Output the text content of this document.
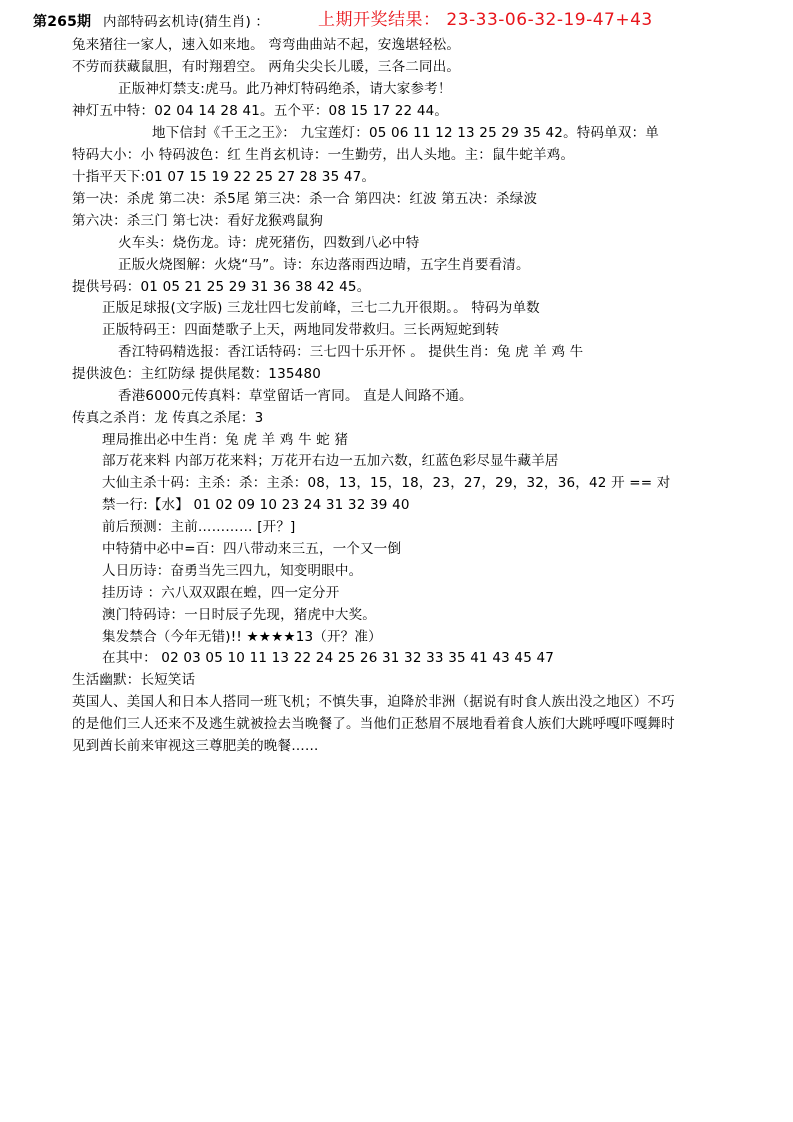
第265期 内部特码玄机诗(猜生肖) ：	上期开奖结果： 23-33-06-32-19-47+43
兔来猪往一家人，速入如来地。 弯弯曲曲站不起，安逸堪轻松。
不劳而获藏鼠胆，有时翔碧空。 两角尖尖长儿暖，三各二同出。
正版神灯禁支:虎马。此乃神灯特码绝杀，请大家参考！
神灯五中特：02 04 14 28 41。五个平：08 15 17 22 44。
地下信封《千王之王》： 九宝莲灯：05 06 11 12 13 25 29 35 42。特码单双：单
特码大小：小 特码波色：红 生肖玄机诗：一生勤劳，出人头地。主：鼠牛蛇羊鸡。
十指平天下:01 07 15 19 22 25 27 28 35 47。
第一决：杀虎 第二决：杀5尾 第三决：杀一合 第四决：红波 第五决：杀绿波
第六决：杀三门 第七决：看好龙猴鸡鼠狗
火车头：烧伤龙。诗：虎死猪伤，四数到八必中特
正版火烧图解：火烧“马”。诗：东边落雨西边晴，五字生肖要看清。
提供号码：01 05 21 25 29 31 36 38 42 45。
正版足球报(文字版) 三龙壮四七发前峰，三七二九开很期。。 特码为单数
正版特码王：四面楚歌子上天，两地同发带救归。三长两短蛇到转
香江特码精选报：香江话特码：三七四十乐开怀 。 提供生肖：兔 虎 羊 鸡 牛
提供波色：主红防绿 提供尾数：135480
香港6000元传真料：草堂留话一宵同。 直是人间路不通。
传真之杀肖：龙 传真之杀尾：3
理局推出必中生肖：兔 虎 羊 鸡 牛 蛇 猪
部万花来料 内部万花来料；万花开右边一五加六数，红蓝色彩尽显牛藏羊居
大仙主杀十码：主杀：杀：主杀：08，13，15，18，23，27，29，32，36，42 开 == 对
禁一行:【水】 01 02 09 10 23 24 31 32 39 40
前后预测：主前………… [开？]
中特猜中必中=百：四八带动来三五，一个又一倒
人日历诗：奋勇当先三四九，知变明眼中。
挂历诗 ：六八双双跟在蝗，四一定分开
澳门特码诗：一日时辰子先现，猪虎中大奖。
集发禁合（今年无错)!! ★★★★13（开？准）
在其中： 02 03 05 10 11 13 22 24 25 26 31 32 33 35 41 43 45 47
生活幽默：长短笑话
英国人、美国人和日本人搭同一班飞机；不慎失事，迫降於非洲（据说有时食人族出没之地区）不巧
的是他们三人还来不及逃生就被捡去当晚餐了。当他们正愁眉不展地看着食人族们大跳呼嘎吓嘎舞时
见到酋长前来审视这三尊肥美的晚餐……
